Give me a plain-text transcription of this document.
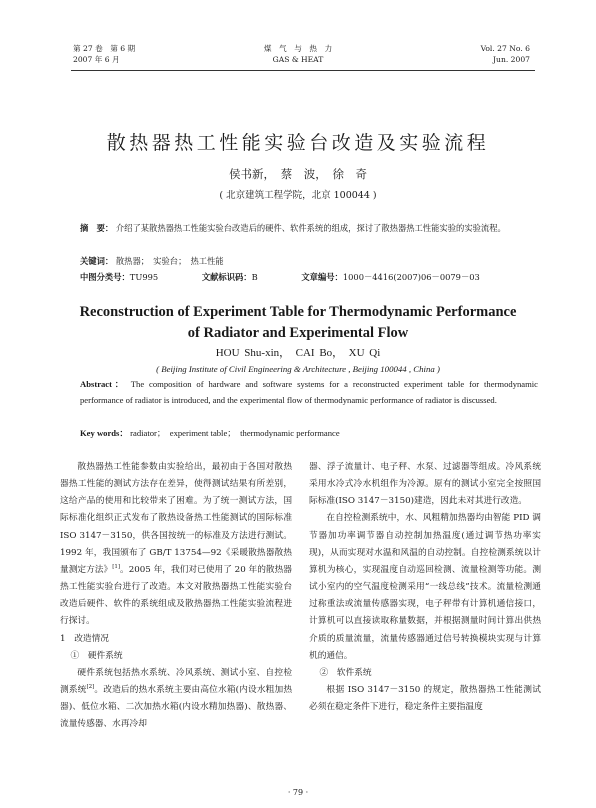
第 27 卷　第 6 期
2007 年 6 月
煤　气　与　热　力
GAS & HEAT
Vol. 27 No. 6
Jun. 2007
散热器热工性能实验台改造及实验流程
侯书新，　蔡　波，　徐　奇
( 北京建筑工程学院，北京 100044 )
摘　要： 介绍了某散热器热工性能实验台改造后的硬件、软件系统的组成，探讨了散热器热工性能实验的实验流程。
关键词： 散热器；　实验台；　热工性能
中图分类号：TU995	文献标识码：B	文章编号：1000－4416(2007)06－0079－03
Reconstruction of Experiment Table for Thermodynamic Performance
of Radiator and Experimental Flow
HOU Shu-xin，　CAI Bo，　XU Qi
( Beijing Institute of Civil Engineering & Architecture , Beijing 100044 , China )
Abstract： The composition of hardware and software systems for a reconstructed experiment table for thermodynamic performance of radiator is introduced, and the experimental flow of thermodynamic performance of radiator is discussed.
Key words： radiator；　experiment table；　thermodynamic performance

散热器热工性能参数由实验给出，最初由于各国对散热器热工性能的测试方法存在差异，使得测试结果有所差别，这给产品的使用和比较带来了困难。为了统一测试方法，国际标准化组织正式发布了散热设备热工性能测试的国际标准 ISO 3147－3150，供各国按统一的标准及方法进行测试。1992 年，我国颁布了 GB/T 13754—92《采暖散热器散热量测定方法》[1]。2005 年，我们对已使用了 20 年的散热器热工性能实验台进行了改造。本文对散热器热工性能实验台改造后硬件、软件的系统组成及散热器热工性能实验流程进行探讨。

1　改造情况

①　硬件系统

硬件系统包括热水系统、冷风系统、测试小室、自控检测系统[2]。改造后的热水系统主要由高位水箱(内设水粗加热器)、低位水箱、二次加热水箱(内设水精加热器)、散热器、流量传感器、水再冷却

器、浮子流量计、电子秤、水泵、过滤器等组成。冷风系统采用水冷式冷水机组作为冷源。原有的测试小室完全按照国际标准(ISO 3147－3150)建造，因此未对其进行改造。

在自控检测系统中，水、风粗精加热器均由智能 PID 调节器加功率调节器自动控制加热温度(通过调节热功率实现)，从而实现对水温和风温的自动控制。自控检测系统以计算机为核心，实现温度自动巡回检测、流量检测等功能。测试小室内的空气温度检测采用“一线总线”技术。流量检测通过称重法或流量传感器实现，电子秤带有计算机通信接口，计算机可以直接读取称量数据，并根据测量时间计算出供热介质的质量流量，流量传感器通过信号转换模块实现与计算机的通信。

②　软件系统

根据 ISO 3147－3150 的规定，散热器热工性能测试必须在稳定条件下进行，稳定条件主要指温度

· 79 ·
